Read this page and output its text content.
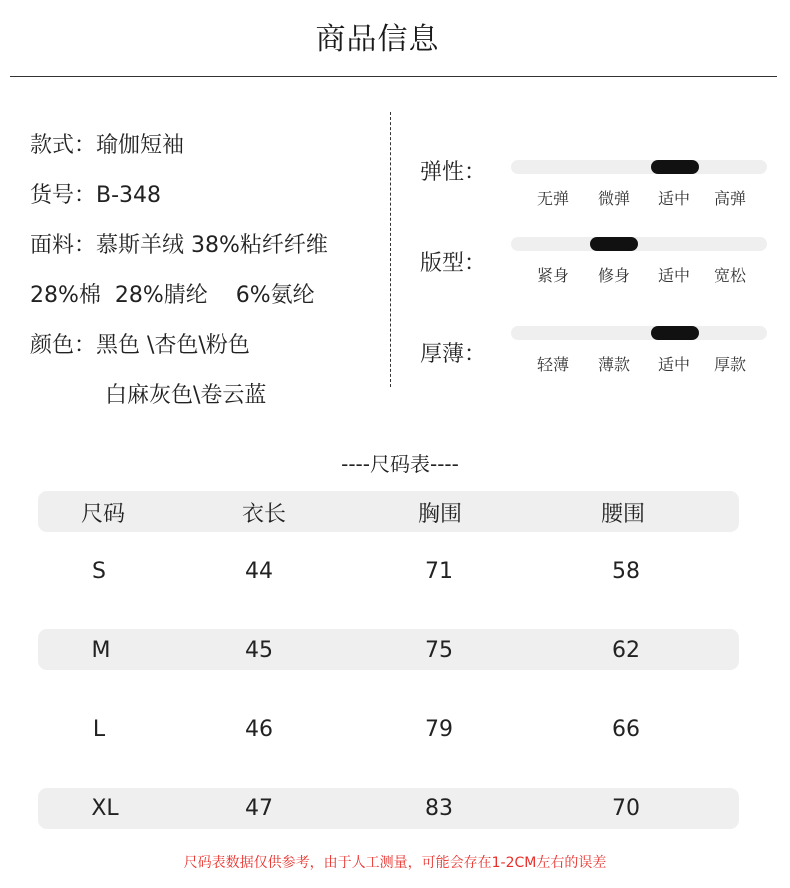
商品信息
款式：瑜伽短袖
货号：B-348
面料：慕斯羊绒 38%粘纤纤维
28%棉  28%腈纶    6%氨纶
颜色：黑色 \杏色\粉色
白麻灰色\卷云蓝
弹性：
无弹	微弹	适中	高弹
版型：	紧身	修身	适中	宽松
厚薄：	轻薄	薄款	适中	厚款
----尺码表----
尺码	衣长	胸围	腰围
S	44	71	58
M	45	75	62
L	46	79	66
XL	47	83	70
尺码表数据仅供参考，由于人工测量，可能会存在1-2CM左右的误差
